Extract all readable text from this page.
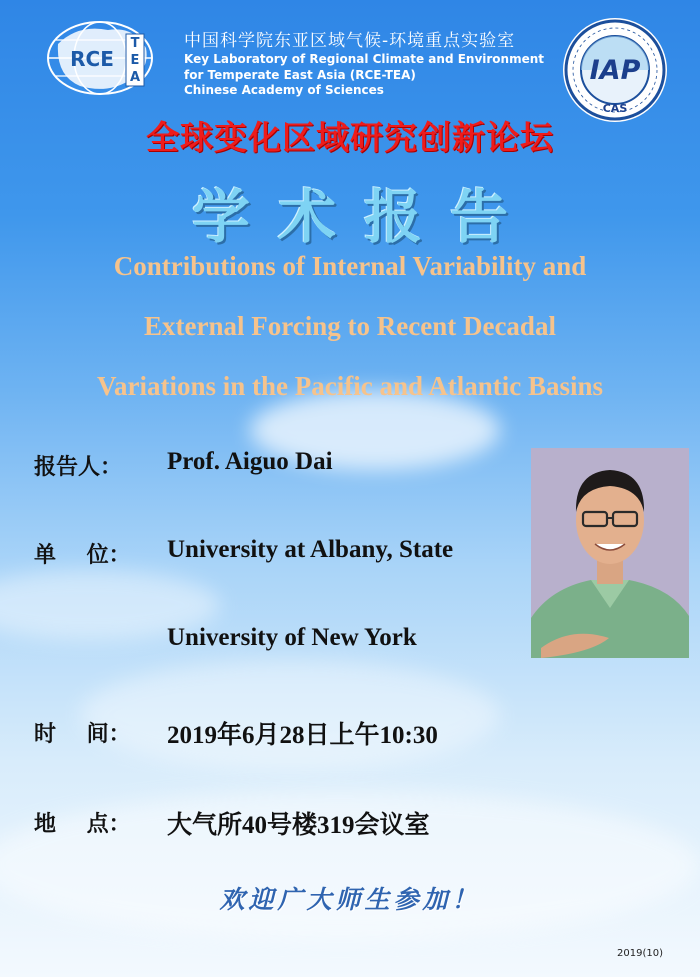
T
E
A
RCE
中国科学院东亚区域气候-环境重点实验室
Key Laboratory of Regional Climate and Environment
for Temperate East Asia (RCE-TEA)
Chinese Academy of Sciences
IAP
CAS
全球变化区域研究创新论坛
学术报告
Contributions of Internal Variability and
External Forcing to Recent Decadal
Variations in the Pacific and Atlantic Basins
报告人： Prof. Aiguo Dai
单    位： University at Albany, State
University of New York
时    间： 2019年6月28日上午10:30
地    点： 大气所40号楼319会议室
欢迎广大师生参加！
2019(10)
